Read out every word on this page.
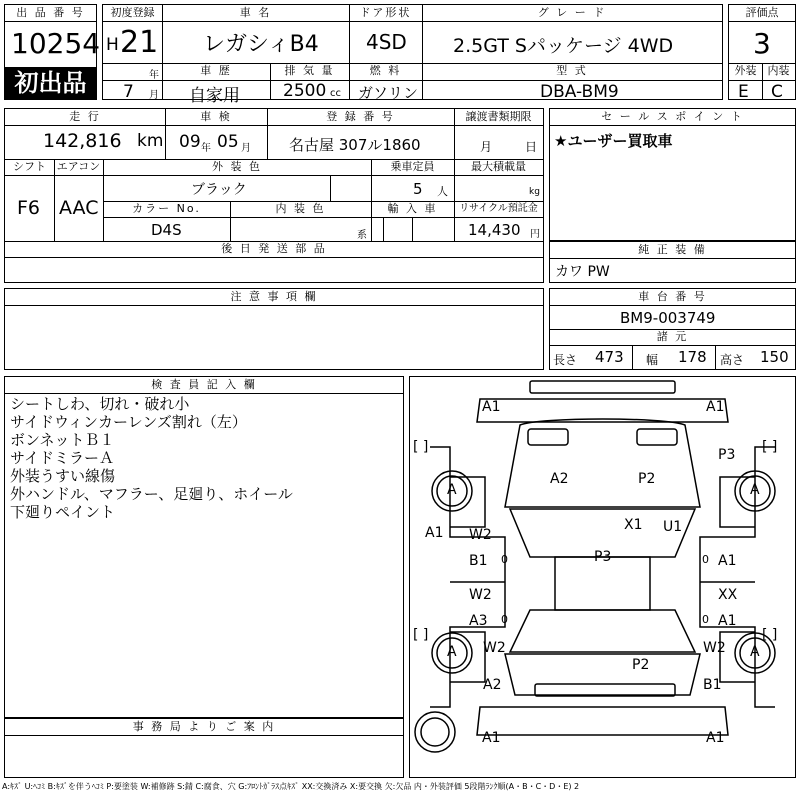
出 品 番 号
10254
初出品
初度登録
H 21
年
7 月
車 名
レガシィB4
車 歴
自家用
排 気 量
2500 cc
ドア形状
4SD
燃 料
ガソリン
グ レ ー ド
2.5GT Sパッケージ 4WD
型 式
DBA-BM9
評価点
3
外装	内装
E C
走 行
142,816 km
車 検
09 年 05 月
登 録 番 号
名古屋 307ル1860
譲渡書類期限
月	日
シフト
F6
エアコン
AAC
外 装 色
ブラック
乗車定員
5 人
最大積載量
kg
カラー No.
D4S
内 装 色
系
輸 入 車	リサイクル預託金
14,430 円
後 日 発 送 部 品
セ ー ル ス ポ イ ン ト
★ユーザー買取車
純 正 装 備
カワ PW
注 意 事 項 欄	車 台 番 号
BM9-003749
諸 元
長さ 473 幅 178 高さ 150
検 査 員 記 入 欄
シートしわ、切れ・破れ小
サイドウィンカーレンズ割れ（左）
ボンネットＢ１
サイドミラーＡ
外装うすい線傷
外ハンドル、マフラー、足廻り、ホイール
下廻りペイント
事 務 局 よ り ご 案 内
A1	A1
[ ]	[ ]
P3
A2	P2
A	A
A1	X1 U1
W2
B1 0	P3	0 A1
W2	XX
A3 0	0 A1
[ ]	[ ]
W2	W2
A	A
P2
A2	B1
A1	A1
A:ｷｽﾞ U:ﾍｺﾐ B:ｷｽﾞを伴うﾍｺﾐ P:要塗装 W:補修跡 S:錆 C:腐食、穴 G:ﾌﾛﾝﾄｶﾞﾗｽ点ｷｽﾞ XX:交換済み X:要交換 欠:欠品 内・外装評価 5段階ﾗﾝｸ順(A・B・C・D・E) 2
